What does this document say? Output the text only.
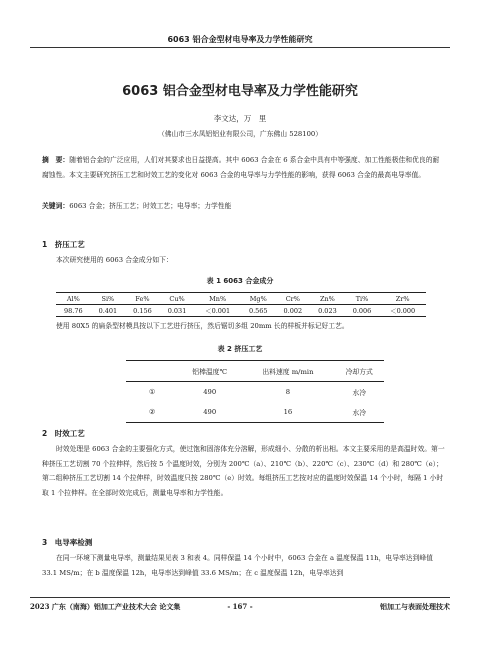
6063 铝合金型材电导率及力学性能研究
6063 铝合金型材电导率及力学性能研究
李文达，万　里
（佛山市三水凤铝铝业有限公司，广东佛山 528100）
摘　要：随着铝合金的广泛应用，人们对其要求也日益提高。其中 6063 合金在 6 系合金中具有中等强度、加工性能极佳和优良的耐腐蚀性。本文主要研究挤压工艺和时效工艺的变化对 6063 合金的电导率与力学性能的影响，获得 6063 合金的最高电导率值。
关键词：6063 合金；挤压工艺；时效工艺；电导率；力学性能
1　挤压工艺
本次研究使用的 6063 合金成分如下：
表 1 6063 合金成分
Al%	Si%	Fe%	Cu%	Mn%	Mg%	Cr%	Zn%	Ti%	Zr%
98.76	0.401	0.156	0.031	＜0.001	0.565	0.002	0.023	0.006	＜0.000
使用 80X5 的扁条型材模具按以下工艺进行挤压，然后锯切多组 20mm 长的样板并标记好工艺。
表 2 挤压工艺
	铝棒温度℃	出料速度 m/min	冷却方式
①	490	8	水冷
②	490	16	水冷
2　时效工艺
时效处理是 6063 合金的主要强化方式，使过饱和固溶体充分溶解，形成细小、分散的析出相。本文主要采用的是高温时效。第一种挤压工艺切割 70 个拉伸样，然后按 5 个温度时效，分别为 200℃（a）、210℃（b）、220℃（c）、230℃（d）和 280℃（e）；第二组种挤压工艺切割 14 个拉伸样，时效温度只按 280℃（e）时效。每组挤压工艺按对应的温度时效保温 14 个小时，每隔 1 小时取 1 个拉伸样。在全部时效完成后，测量电导率和力学性能。
3　电导率检测
在同一环境下测量电导率，测量结果见表 3 和表 4。同样保温 14 个小时中，6063 合金在 a 温度保温 11h，电导率达到峰值 33.1 MS/m；在 b 温度保温 12h，电导率达到峰值 33.6 MS/m；在 c 温度保温 12h，电导率达到
2023 广东（南海）铝加工产业技术大会 论文集	- 167 -	铝加工与表面处理技术
